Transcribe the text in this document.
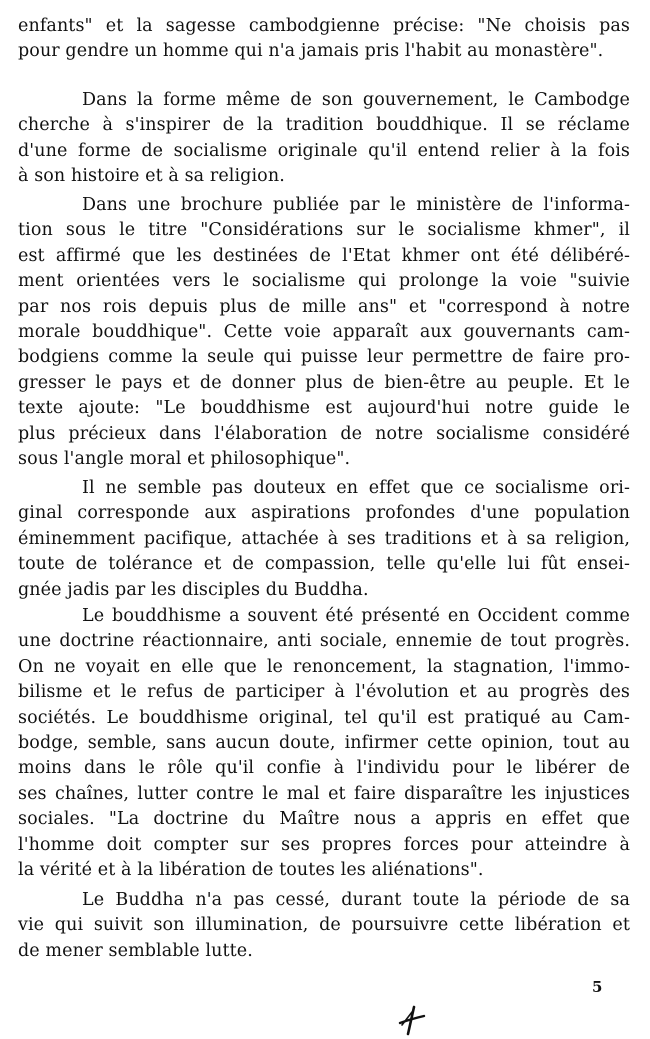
enfants" et la sagesse cambodgienne précise: "Ne choisis pas
pour gendre un homme qui n'a jamais pris l'habit au monastère".
Dans la forme même de son gouvernement, le Cambodge
cherche à s'inspirer de la tradition bouddhique. Il se réclame
d'une forme de socialisme originale qu'il entend relier à la fois
à son histoire et à sa religion.
Dans une brochure publiée par le ministère de l'informa-
tion sous le titre "Considérations sur le socialisme khmer", il
est affirmé que les destinées de l'Etat khmer ont été délibéré-
ment orientées vers le socialisme qui prolonge la voie "suivie
par nos rois depuis plus de mille ans" et "correspond à notre
morale bouddhique". Cette voie apparaît aux gouvernants cam-
bodgiens comme la seule qui puisse leur permettre de faire pro-
gresser le pays et de donner plus de bien-être au peuple. Et le
texte ajoute: "Le bouddhisme est aujourd'hui notre guide le
plus précieux dans l'élaboration de notre socialisme considéré
sous l'angle moral et philosophique".
Il ne semble pas douteux en effet que ce socialisme ori-
ginal corresponde aux aspirations profondes d'une population
éminemment pacifique, attachée à ses traditions et à sa religion,
toute de tolérance et de compassion, telle qu'elle lui fût ensei-
gnée jadis par les disciples du Buddha.
Le bouddhisme a souvent été présenté en Occident comme
une doctrine réactionnaire, anti sociale, ennemie de tout progrès.
On ne voyait en elle que le renoncement, la stagnation, l'immo-
bilisme et le refus de participer à l'évolution et au progrès des
sociétés. Le bouddhisme original, tel qu'il est pratiqué au Cam-
bodge, semble, sans aucun doute, infirmer cette opinion, tout au
moins dans le rôle qu'il confie à l'individu pour le libérer de
ses chaînes, lutter contre le mal et faire disparaître les injustices
sociales. "La doctrine du Maître nous a appris en effet que
l'homme doit compter sur ses propres forces pour atteindre à
la vérité et à la libération de toutes les aliénations".
Le Buddha n'a pas cessé, durant toute la période de sa
vie qui suivit son illumination, de poursuivre cette libération et
de mener semblable lutte.
5
